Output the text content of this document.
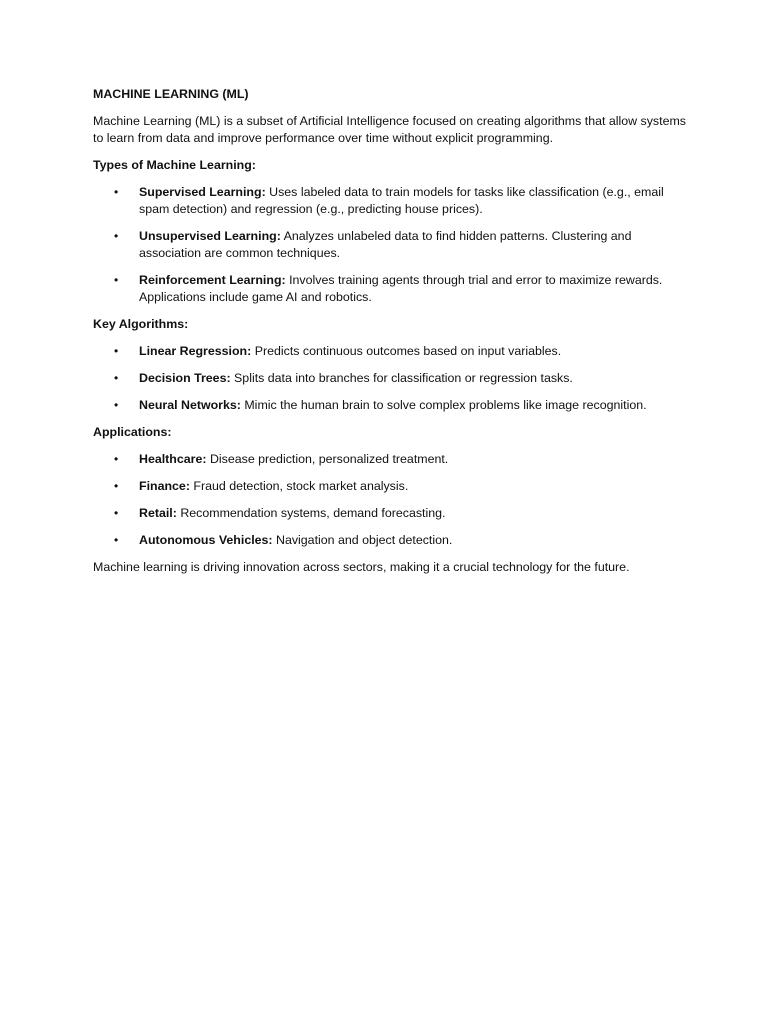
MACHINE LEARNING (ML)

Machine Learning (ML) is a subset of Artificial Intelligence focused on creating algorithms that allow systems to learn from data and improve performance over time without explicit programming.

Types of Machine Learning:

• Supervised Learning: Uses labeled data to train models for tasks like classification (e.g., email spam detection) and regression (e.g., predicting house prices).
• Unsupervised Learning: Analyzes unlabeled data to find hidden patterns. Clustering and association are common techniques.
• Reinforcement Learning: Involves training agents through trial and error to maximize rewards. Applications include game AI and robotics.

Key Algorithms:

• Linear Regression: Predicts continuous outcomes based on input variables.
• Decision Trees: Splits data into branches for classification or regression tasks.
• Neural Networks: Mimic the human brain to solve complex problems like image recognition.

Applications:

• Healthcare: Disease prediction, personalized treatment.
• Finance: Fraud detection, stock market analysis.
• Retail: Recommendation systems, demand forecasting.
• Autonomous Vehicles: Navigation and object detection.

Machine learning is driving innovation across sectors, making it a crucial technology for the future.
